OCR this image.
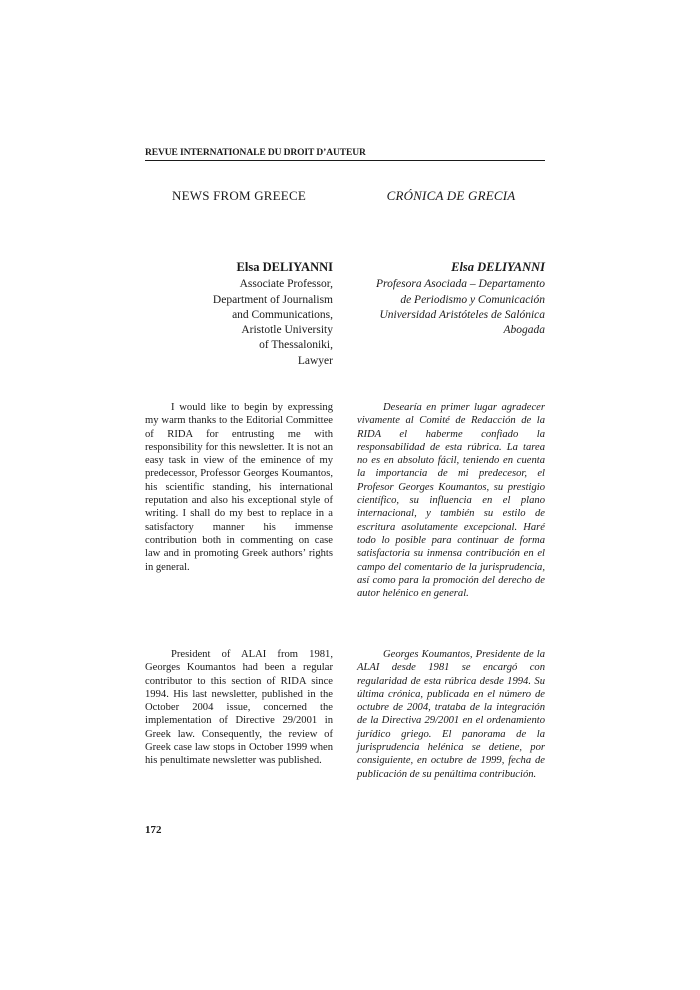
REVUE INTERNATIONALE DU DROIT D’AUTEUR
NEWS FROM GREECE	CRÓNICA DE GRECIA
Elsa DELIYANNI
Associate Professor,
Department of Journalism
and Communications,
Aristotle University
of Thessaloniki,
Lawyer
Elsa DELIYANNI
Profesora Asociada – Departamento
de Periodismo y Comunicación
Universidad Aristóteles de Salónica
Abogada

I would like to begin by expressing my warm thanks to the Editorial Committee of RIDA for entrusting me with responsibility for this newsletter. It is not an easy task in view of the eminence of my predecessor, Professor Georges Koumantos, his scientific standing, his international reputation and also his exceptional style of writing. I shall do my best to replace in a satisfactory manner his immense contribution both in commenting on case law and in promoting Greek authors’ rights in general.

Desearía en primer lugar agradecer vivamente al Comité de Redacción de la RIDA el haberme confiado la responsabilidad de esta rúbrica. La tarea no es en absoluto fácil, teniendo en cuenta la importancia de mi predecesor, el Profesor Georges Koumantos, su prestigio científico, su influencia en el plano internacional, y también su estilo de escritura asolutamente excepcional. Haré todo lo posible para continuar de forma satisfactoria su inmensa contribución en el campo del comentario de la jurisprudencia, así como para la promoción del derecho de autor helénico en general.

President of ALAI from 1981, Georges Koumantos had been a regular contributor to this section of RIDA since 1994. His last newsletter, published in the October 2004 issue, concerned the implementation of Directive 29/2001 in Greek law. Consequently, the review of Greek case law stops in October 1999 when his penultimate newsletter was published.

Georges Koumantos, Presidente de la ALAI desde 1981 se encargó con regularidad de esta rúbrica desde 1994. Su última crónica, publicada en el número de octubre de 2004, trataba de la integración de la Directiva 29/2001 en el ordenamiento jurídico griego. El panorama de la jurisprudencia helénica se detiene, por consiguiente, en octubre de 1999, fecha de publicación de su penúltima contribución.

172
